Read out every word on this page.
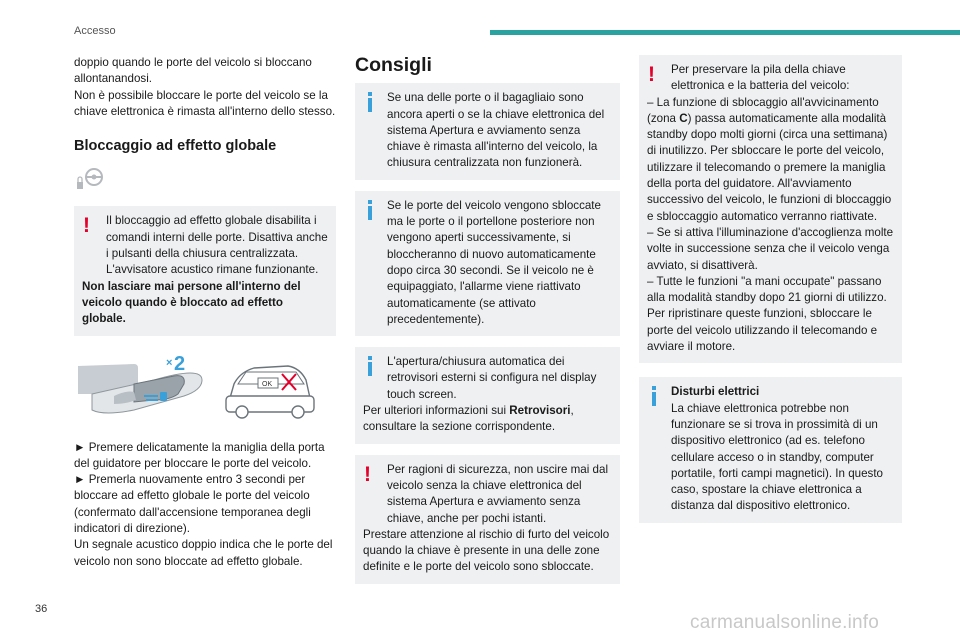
Accesso

doppio quando le porte del veicolo si bloccano allontanandosi.

Non è possibile bloccare le porte del veicolo se la chiave elettronica è rimasta all'interno dello stesso.

Bloccaggio ad effetto globale
!	Il bloccaggio ad effetto globale disabilita i comandi interni delle porte. Disattiva anche i pulsanti della chiusura centralizzata. L'avvisatore acustico rimane funzionante.

Non lasciare mai persone all'interno del veicolo quando è bloccato ad effetto globale.

× 2
OK

► Premere delicatamente la maniglia della porta del guidatore per bloccare le porte del veicolo.

► Premerla nuovamente entro 3 secondi per bloccare ad effetto globale le porte del veicolo (confermato dall'accensione temporanea degli indicatori di direzione).

Un segnale acustico doppio indica che le porte del veicolo non sono bloccate ad effetto globale.

Consigli

Se una delle porte o il bagagliaio sono ancora aperti o se la chiave elettronica del sistema Apertura e avviamento senza chiave è rimasta all'interno del veicolo, la chiusura centralizzata non funzionerà.

Se le porte del veicolo vengono sbloccate ma le porte o il portellone posteriore non vengono aperti successivamente, si bloccheranno di nuovo automaticamente dopo circa 30 secondi. Se il veicolo ne è equipaggiato, l'allarme viene riattivato automaticamente (se attivato precedentemente).

L'apertura/chiusura automatica dei retrovisori esterni si configura nel display touch screen.

Per ulteriori informazioni sui Retrovisori, consultare la sezione corrispondente.

!	Per ragioni di sicurezza, non uscire mai dal veicolo senza la chiave elettronica del sistema Apertura e avviamento senza chiave, anche per pochi istanti.

Prestare attenzione al rischio di furto del veicolo quando la chiave è presente in una delle zone definite e le porte del veicolo sono sbloccate.

!	Per preservare la pila della chiave elettronica e la batteria del veicolo:

– La funzione di sblocaggio all'avvicinamento (zona C) passa automaticamente alla modalità standby dopo molti giorni (circa una settimana) di inutilizzo. Per sbloccare le porte del veicolo, utilizzare il telecomando o premere la maniglia della porta del guidatore. All'avviamento successivo del veicolo, le funzioni di bloccaggio e sbloccaggio automatico verranno riattivate.

– Se si attiva l'illuminazione d'accoglienza molte volte in successione senza che il veicolo venga avviato, si disattiverà.

– Tutte le funzioni "a mani occupate" passano alla modalità standby dopo 21 giorni di utilizzo. Per ripristinare queste funzioni, sbloccare le porte del veicolo utilizzando il telecomando e avviare il motore.

Disturbi elettrici

La chiave elettronica potrebbe non funzionare se si trova in prossimità di un dispositivo elettronico (ad es. telefono cellulare acceso o in standby, computer portatile, forti campi magnetici). In questo caso, spostare la chiave elettronica a distanza dal dispositivo elettronico.

36
carmanualsonline.info
